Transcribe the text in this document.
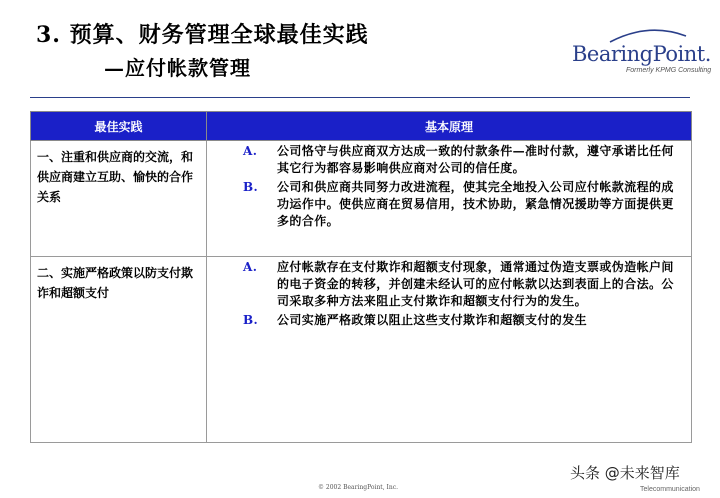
3. 预算、财务管理全球最佳实践
—应付帐款管理
BearingPoint.
Formerly KPMG Consulting
最佳实践	基本原理
一、注重和供应商的交流，和供应商建立互助、愉快的合作关系	A. 公司恪守与供应商双方达成一致的付款条件—准时付款，遵守承诺比任何其它行为都容易影响供应商对公司的信任度。
B. 公司和供应商共同努力改进流程，使其完全地投入公司应付帐款流程的成功运作中。使供应商在贸易信用，技术协助，紧急情况援助等方面提供更多的合作。

二、实施严格政策以防支付欺诈和超额支付	A. 应付帐款存在支付欺诈和超额支付现象，通常通过伪造支票或伪造帐户间的电子资金的转移，并创建未经认可的应付帐款以达到表面上的合法。公司采取多种方法来阻止支付欺诈和超额支付行为的发生。
B. 公司实施严格政策以阻止这些支付欺诈和超额支付的发生
© 2002 BearingPoint, Inc.
头条 @未来智库
Telecommunication
